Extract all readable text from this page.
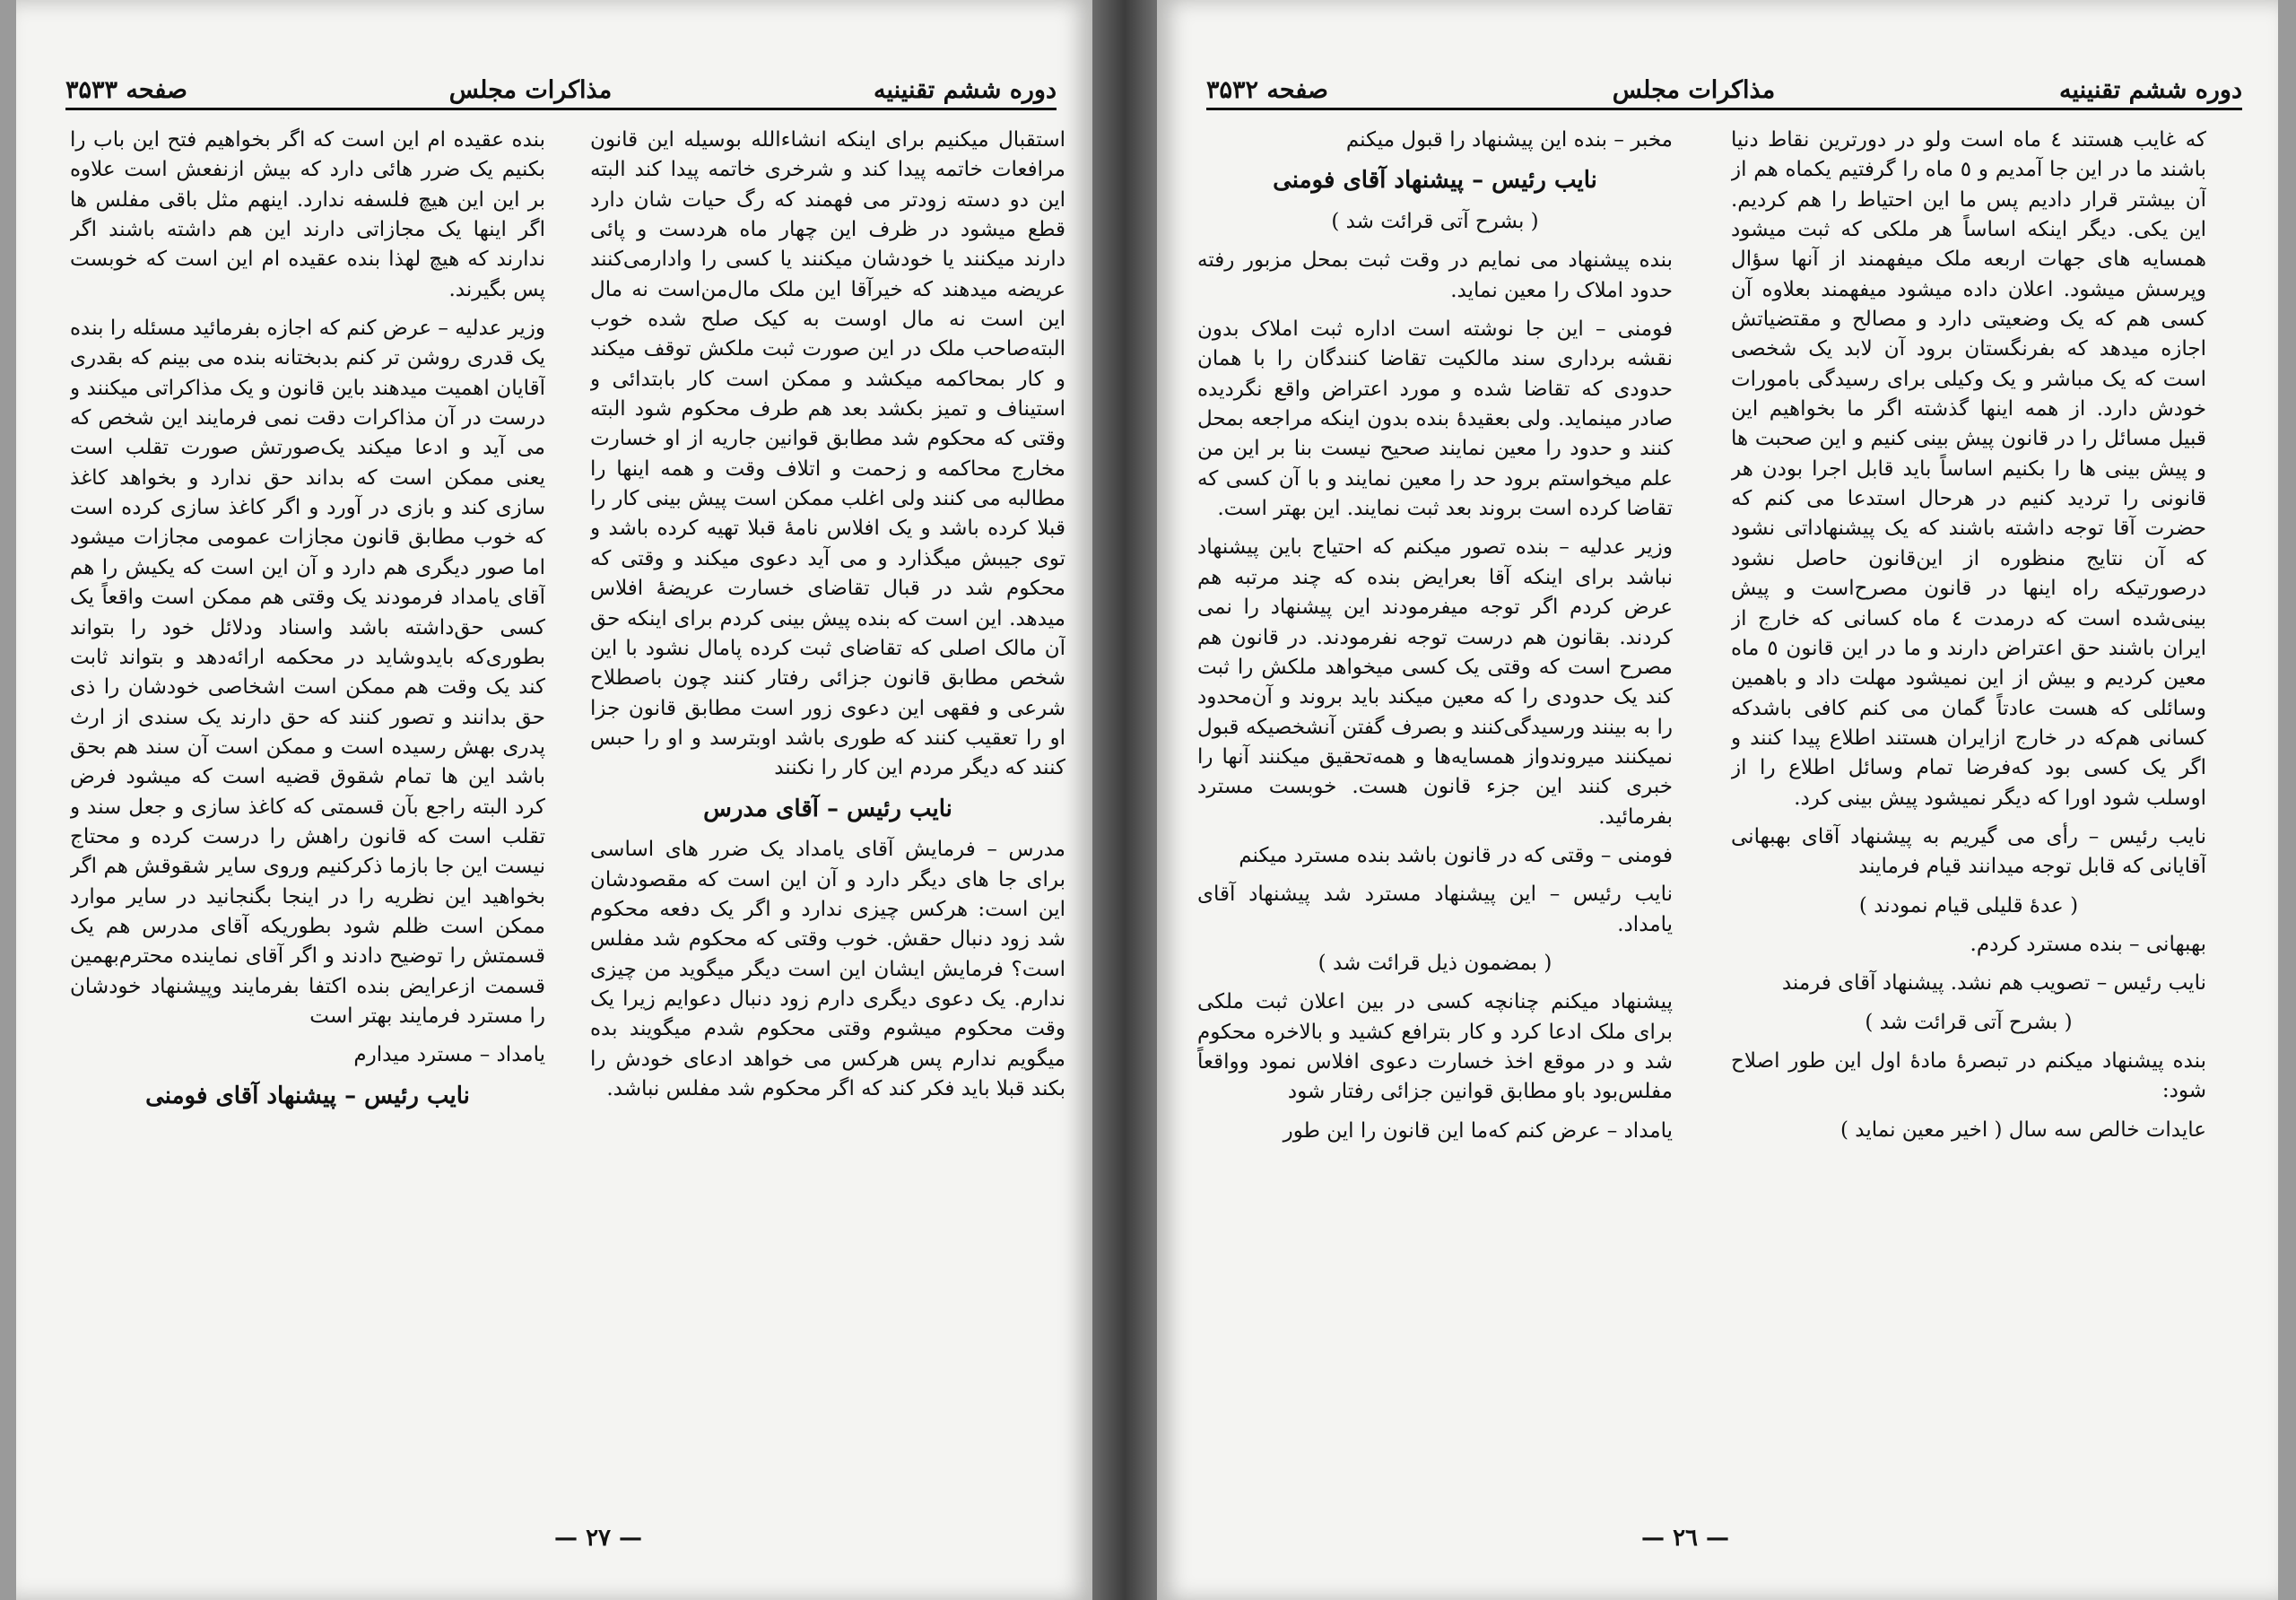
دوره ششم تقنینیه
مذاکرات مجلس
صفحه ۳۵۳۳

استقبال میکنیم برای اینکه انشاءالله بوسیله این قانون مرافعات خاتمه پیدا کند و شرخری خاتمه پیدا کند البته این دو دسته زودتر می فهمند که رگ حیات شان دارد قطع میشود در ظرف این چهار ماه هردست و پائی دارند میکنند یا خودشان میکنند یا کسی را وادارمی‌کنند عریضه میدهند که خیرآقا این ملک مال‌من‌است نه مال این است نه مال اوست به کیک صلح شده خوب البته‌صاحب ملک در این صورت ثبت ملکش توقف میکند و کار بمحاکمه میکشد و ممکن است کار بابتدائی و استیناف و تمیز بکشد بعد هم طرف محکوم شود البته وقتی که محکوم شد مطابق قوانین جاریه از او خسارت مخارج محاکمه و زحمت و اتلاف وقت و همه اینها را مطالبه می کنند ولی اغلب ممکن است پیش بینی کار را قبلا کرده باشد و یک افلاس نامهٔ قبلا تهیه کرده باشد و توی جیبش میگذارد و می آید دعوی میکند و وقتی که محکوم شد در قبال تقاضای خسارت عریضهٔ افلاس میدهد. این است که بنده پیش بینی کردم برای اینکه حق آن مالک اصلی که تقاضای ثبت کرده پامال نشود با این شخص مطابق قانون جزائی رفتار کنند چون باصطلاح شرعی و فقهی این دعوی زور است مطابق قانون جزا او را تعقیب کنند که طوری باشد اوبترسد و او را حبس کنند که دیگر مردم این کار را نکنند

نایب رئیس – آقای مدرس

مدرس – فرمایش آقای یامداد یک ضرر های اساسی برای جا های دیگر دارد و آن این است که مقصودشان این است: هرکس چیزی ندارد و اگر یک دفعه محکوم شد زود دنبال حقش. خوب وقتی که محکوم شد مفلس است؟ فرمایش ایشان این است دیگر میگوید من چیزی ندارم. یک دعوی دیگری دارم زود دنبال دعوایم زیرا یک وقت محکوم میشوم وقتی محکوم شدم میگویند بده میگویم ندارم پس هرکس می خواهد ادعای خودش را بکند قبلا باید فکر کند که اگر محکوم شد مفلس نباشد.

بنده عقیده ام این است که اگر بخواهیم فتح این باب را بکنیم یک ضرر هائی دارد که بیش ازنفعش است علاوه بر این این هیچ فلسفه ندارد. اینهم مثل باقی مفلس ها اگر اینها یک مجازاتی دارند این هم داشته باشند اگر ندارند که هیچ لهذا بنده عقیده ام این است که خوبست پس بگیرند.

وزیر عدلیه – عرض کنم که اجازه بفرمائید مسئله را بنده یک قدری روشن تر کنم بدبختانه بنده می بینم که بقدری آقایان اهمیت میدهند باین قانون و یک مذاکراتی میکنند و درست در آن مذاکرات دقت نمی فرمایند این شخص که می آید و ادعا میکند یک‌صورتش صورت تقلب است یعنی ممکن است که بداند حق ندارد و بخواهد کاغذ سازی کند و بازی در آورد و اگر کاغذ سازی کرده است که خوب مطابق قانون مجازات عمومی مجازات میشود اما صور دیگری هم دارد و آن این است که یکیش را هم آقای یامداد فرمودند یک وقتی هم ممکن است واقعاً یک کسی حق‌داشته باشد واسناد ودلائل خود را بتواند بطوری‌که بایدوشاید در محکمه ارائه‌دهد و بتواند ثابت کند یک وقت هم ممکن است اشخاصی خودشان را ذی حق بدانند و تصور کنند که حق دارند یک سندی از ارث پدری بهش رسیده است و ممکن است آن سند هم بحق باشد این ها تمام شقوق قضیه است که میشود فرض کرد البته راجع بآن قسمتی که کاغذ سازی و جعل سند و تقلب است که قانون راهش را درست کرده و محتاج نیست این جا بازما ذکرکنیم وروی سایر شقوقش هم اگر بخواهید این نظریه را در اینجا بگنجانید در سایر موارد ممکن است ظلم شود بطوریکه آقای مدرس هم یک قسمتش را توضیح دادند و اگر آقای نماینده محترم‌بهمین قسمت ازعرایض بنده اکتفا بفرمایند وپیشنهاد خودشان را مسترد فرمایند بهتر است

یامداد – مسترد میدارم

نایب رئیس – پیشنهاد آقای فومنی

— ٢٧ —
دوره ششم تقنینیه
مذاکرات مجلس
صفحه ۳۵۳۲

که غایب هستند ٤ ماه است ولو در دورترین نقاط دنیا باشند ما در این جا آمدیم و ٥ ماه را گرفتیم یکماه هم از آن بیشتر قرار دادیم پس ما این احتیاط را هم کردیم. این یکی. دیگر اینکه اساساً هر ملکی که ثبت میشود همسایه های جهات اربعه ملک میفهمند از آنها سؤال وپرسش میشود. اعلان داده میشود میفهمند بعلاوه آن کسی هم که یک وضعیتی دارد و مصالح و مقتضیاتش اجازه میدهد که بفرنگستان برود آن لابد یک شخصی است که یک مباشر و یک وکیلی برای رسیدگی بامورات خودش دارد. از همه اینها گذشته اگر ما بخواهیم این قبیل مسائل را در قانون پیش بینی کنیم و این صحبت ها و پیش بینی ها را بکنیم اساساً باید قابل اجرا بودن هر قانونی را تردید کنیم در هرحال استدعا می کنم که حضرت آقا توجه داشته باشند که یک پیشنهاداتی نشود که آن نتایج منظوره از این‌قانون حاصل نشود درصورتیکه راه اینها در قانون مصرح‌است و پیش بینی‌شده است که درمدت ٤ ماه کسانی که خارج از ایران باشند حق اعتراض دارند و ما در این قانون ٥ ماه معین کردیم و بیش از این نمیشود مهلت داد و باهمین وسائلی که هست عادتاً گمان می کنم کافی باشدکه کسانی هم‌که در خارج ازایران هستند اطلاع پیدا کنند و اگر یک کسی بود که‌فرضا تمام وسائل اطلاع را از اوسلب شود اورا که دیگر نمیشود پیش بینی کرد.

نایب رئیس – رأی می گیریم به پیشنهاد آقای بهبهانی آقایانی که قابل توجه میدانند قیام فرمایند

( عدهٔ قلیلی قیام نمودند )

بهبهانی – بنده مسترد کردم.

نایب رئیس – تصویب هم نشد. پیشنهاد آقای فرمند

( بشرح آتی قرائت شد )

بنده پیشنهاد میکنم در تبصرهٔ مادهٔ اول این طور اصلاح شود:

عایدات خالص سه سال ( اخیر معین نماید )

مخبر – بنده این پیشنهاد را قبول میکنم

نایب رئیس – پیشنهاد آقای فومنی

( بشرح آتی قرائت شد )

بنده پیشنهاد می نمایم در وقت ثبت بمحل مزبور رفته حدود املاک را معین نماید.

فومنی – این جا نوشته است اداره ثبت املاک بدون نقشه برداری سند مالکیت تقاضا کنندگان را با همان حدودی که تقاضا شده و مورد اعتراض واقع نگردیده صادر مینماید. ولی بعقیدهٔ بنده بدون اینکه مراجعه بمحل کنند و حدود را معین نمایند صحیح نیست بنا بر این من علم میخواستم برود حد را معین نمایند و با آن کسی که تقاضا کرده است بروند بعد ثبت نمایند. این بهتر است.

وزیر عدلیه – بنده تصور میکنم که احتیاج باین پیشنهاد نباشد برای اینکه آقا بعرایض بنده که چند مرتبه هم عرض کردم اگر توجه میفرمودند این پیشنهاد را نمی کردند. بقانون هم درست توجه نفرمودند. در قانون هم مصرح است که وقتی یک کسی میخواهد ملکش را ثبت کند یک حدودی را که معین میکند باید بروند و آن‌محدود را به بینند ورسیدگی‌کنند و بصرف گفتن آنشخصیکه قبول نمیکنند میروندواز همسایه‌ها و همه‌تحقیق میکنند آنها را خبری کنند این جزء قانون هست. خوبست مسترد بفرمائید.

فومنی – وقتی که در قانون باشد بنده مسترد میکنم

نایب رئیس – این پیشنهاد مسترد شد پیشنهاد آقای یامداد.

( بمضمون ذیل قرائت شد )

پیشنهاد میکنم چنانچه کسی در بین اعلان ثبت ملکی برای ملک ادعا کرد و کار بترافع کشید و بالاخره محکوم شد و در موقع اخذ خسارت دعوی افلاس نمود وواقعاً مفلس‌بود باو مطابق قوانین جزائی رفتار شود

یامداد – عرض کنم که‌ما این قانون را این طور

— ٢٦ —
